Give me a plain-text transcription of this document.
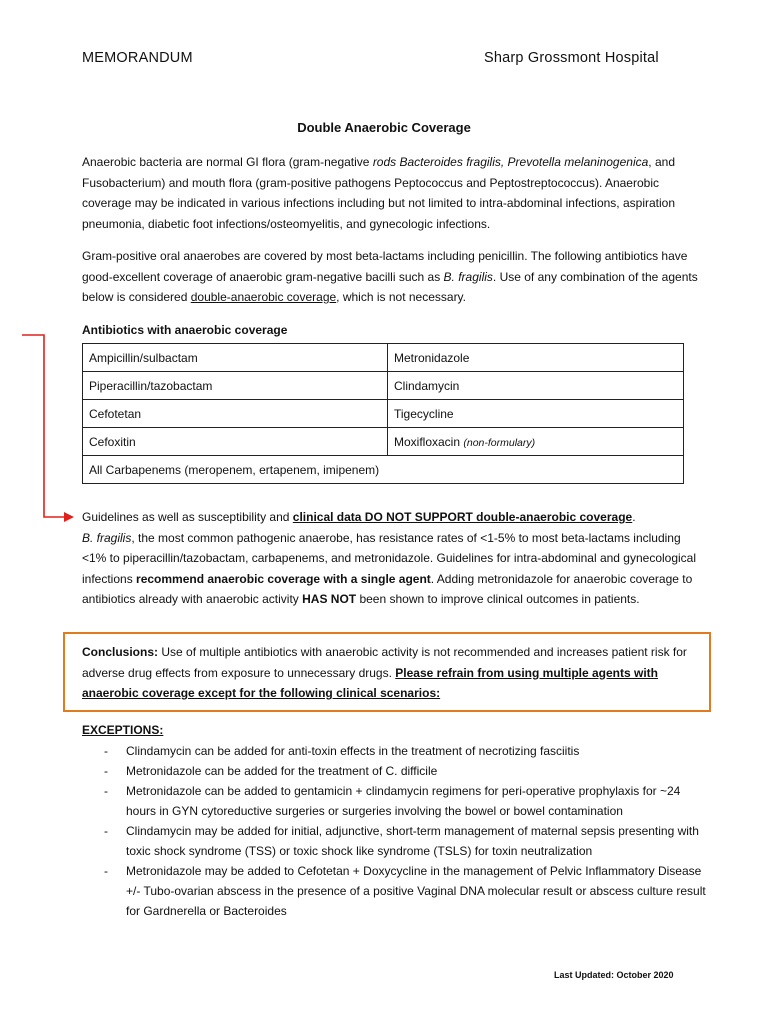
MEMORANDUM	Sharp Grossmont Hospital
Double Anaerobic Coverage
Anaerobic bacteria are normal GI flora (gram-negative rods Bacteroides fragilis, Prevotella melaninogenica, and Fusobacterium) and mouth flora (gram-positive pathogens Peptococcus and Peptostreptococcus). Anaerobic coverage may be indicated in various infections including but not limited to intra-abdominal infections, aspiration pneumonia, diabetic foot infections/osteomyelitis, and gynecologic infections.
Gram-positive oral anaerobes are covered by most beta-lactams including penicillin. The following antibiotics have good-excellent coverage of anaerobic gram-negative bacilli such as B. fragilis. Use of any combination of the agents below is considered double-anaerobic coverage, which is not necessary.
Antibiotics with anaerobic coverage
Ampicillin/sulbactam	Metronidazole
Piperacillin/tazobactam	Clindamycin
Cefotetan	Tigecycline
Cefoxitin	Moxifloxacin (non-formulary)
All Carbapenems (meropenem, ertapenem, imipenem)	
Guidelines as well as susceptibility and clinical data DO NOT SUPPORT double-anaerobic coverage.
B. fragilis, the most common pathogenic anaerobe, has resistance rates of <1-5% to most beta-lactams including <1% to piperacillin/tazobactam, carbapenems, and metronidazole. Guidelines for intra-abdominal and gynecological infections recommend anaerobic coverage with a single agent. Adding metronidazole for anaerobic coverage to antibiotics already with anaerobic activity HAS NOT been shown to improve clinical outcomes in patients.
Conclusions: Use of multiple antibiotics with anaerobic activity is not recommended and increases patient risk for adverse drug effects from exposure to unnecessary drugs. Please refrain from using multiple agents with anaerobic coverage except for the following clinical scenarios:
EXCEPTIONS:
- Clindamycin can be added for anti-toxin effects in the treatment of necrotizing fasciitis
- Metronidazole can be added for the treatment of C. difficile
- Metronidazole can be added to gentamicin + clindamycin regimens for peri-operative prophylaxis for ~24 hours in GYN cytoreductive surgeries or surgeries involving the bowel or bowel contamination
- Clindamycin may be added for initial, adjunctive, short-term management of maternal sepsis presenting with toxic shock syndrome (TSS) or toxic shock like syndrome (TSLS) for toxin neutralization
- Metronidazole may be added to Cefotetan + Doxycycline in the management of Pelvic Inflammatory Disease +/- Tubo-ovarian abscess in the presence of a positive Vaginal DNA molecular result or abscess culture result for Gardnerella or Bacteroides
Last Updated: October 2020
